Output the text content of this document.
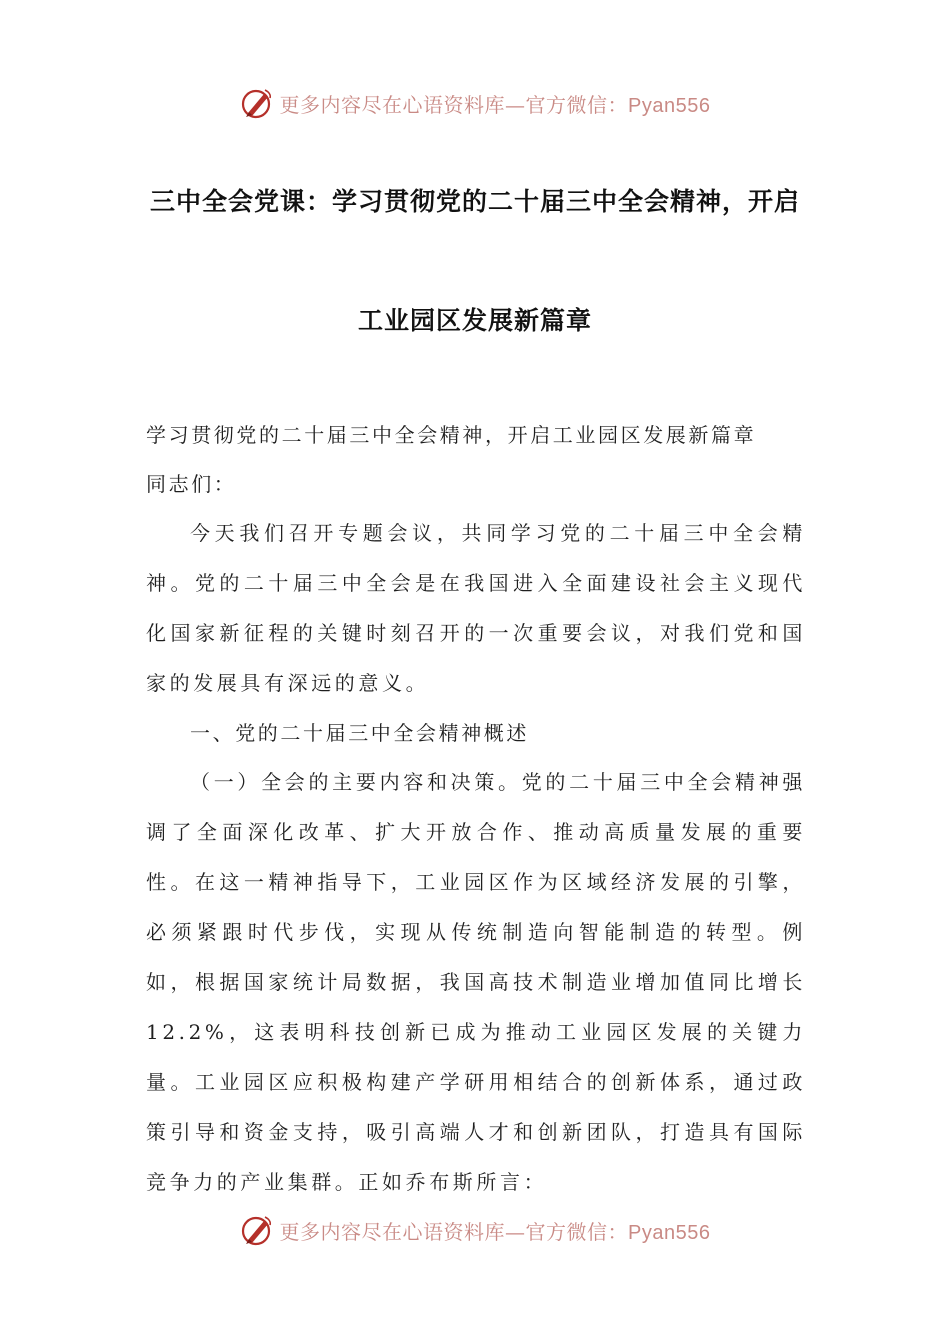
更多内容尽在心语资料库—官方微信：Pyan556
三中全会党课：学习贯彻党的二十届三中全会精神，开启
工业园区发展新篇章
学习贯彻党的二十届三中全会精神，开启工业园区发展新篇章
同志们：
今天我们召开专题会议，共同学习党的二十届三中全会精神。党的二十届三中全会是在我国进入全面建设社会主义现代化国家新征程的关键时刻召开的一次重要会议，对我们党和国家的发展具有深远的意义。
一、党的二十届三中全会精神概述
（一）全会的主要内容和决策。党的二十届三中全会精神强调了全面深化改革、扩大开放合作、推动高质量发展的重要性。在这一精神指导下，工业园区作为区域经济发展的引擎，必须紧跟时代步伐，实现从传统制造向智能制造的转型。例如，根据国家统计局数据，我国高技术制造业增加值同比增长12.2%，这表明科技创新已成为推动工业园区发展的关键力量。工业园区应积极构建产学研用相结合的创新体系，通过政策引导和资金支持，吸引高端人才和创新团队，打造具有国际竞争力的产业集群。正如乔布斯所言：
更多内容尽在心语资料库—官方微信：Pyan556
